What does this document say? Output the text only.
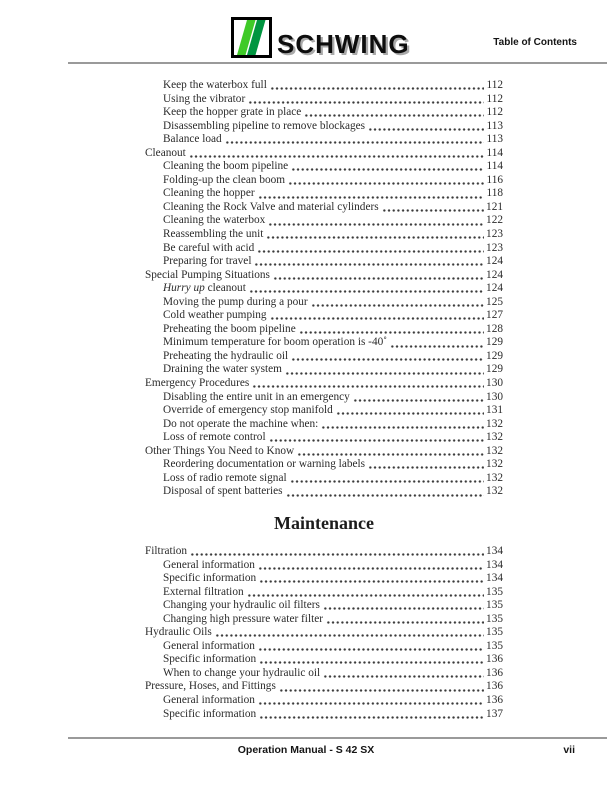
SCHWING	Table of Contents
Keep the waterbox full	112
Using the vibrator	112
Keep the hopper grate in place	112
Disassembling pipeline to remove blockages	113
Balance load	113
Cleanout	114
Cleaning the boom pipeline	114
Folding-up the clean boom	116
Cleaning the hopper	118
Cleaning the Rock Valve and material cylinders	121
Cleaning the waterbox	122
Reassembling the unit	123
Be careful with acid	123
Preparing for travel	124
Special Pumping Situations	124
Hurry up cleanout	124
Moving the pump during a pour	125
Cold weather pumping	127
Preheating the boom pipeline	128
Minimum temperature for boom operation is -40˚	129
Preheating the hydraulic oil	129
Draining the water system	129
Emergency Procedures	130
Disabling the entire unit in an emergency	130
Override of emergency stop manifold	131
Do not operate the machine when:	132
Loss of remote control	132
Other Things You Need to Know	132
Reordering documentation or warning labels	132
Loss of radio remote signal	132
Disposal of spent batteries	132
Maintenance
Filtration	134
General information	134
Specific information	134
External filtration	135
Changing your hydraulic oil filters	135
Changing high pressure water filter	135
Hydraulic Oils	135
General information	135
Specific information	136
When to change your hydraulic oil	136
Pressure, Hoses, and Fittings	136
General information	136
Specific information	137
Operation Manual - S 42 SX	vii
